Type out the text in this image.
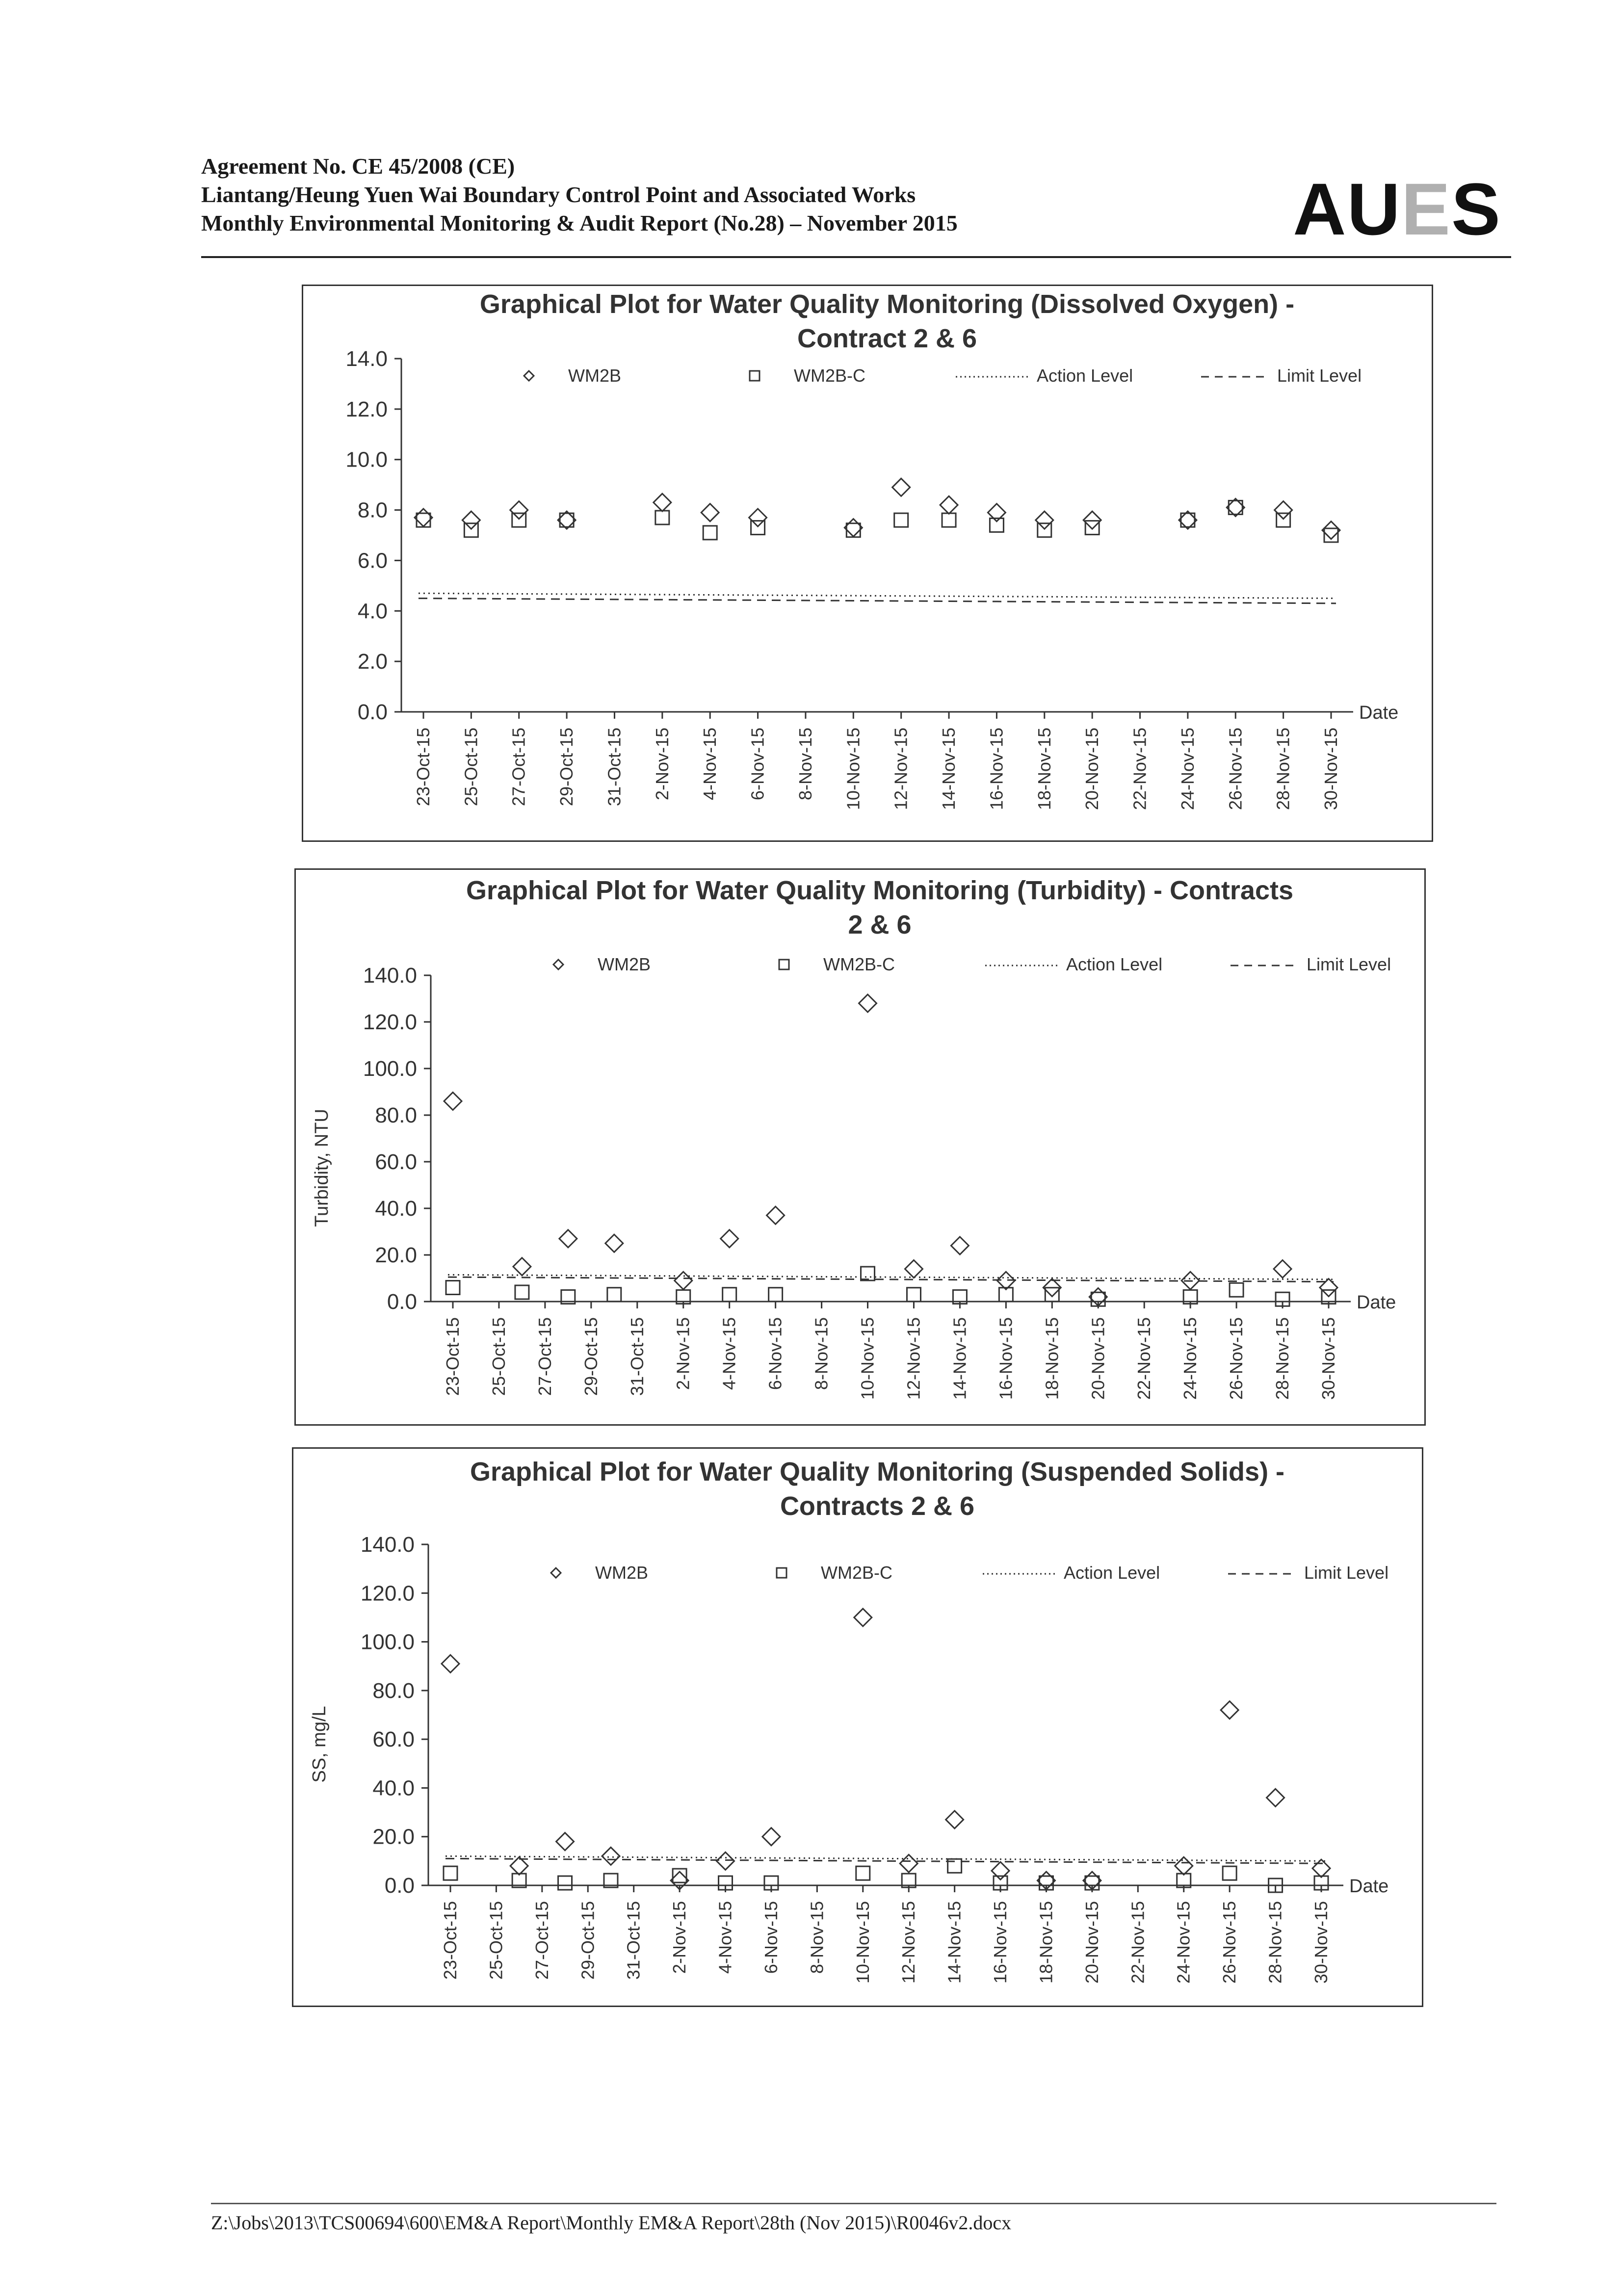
Agreement No. CE 45/2008 (CE)
Liantang/Heung Yuen Wai Boundary Control Point and Associated Works
Monthly Environmental Monitoring & Audit Report (No.28) – November 2015	AUES
Graphical Plot for Water Quality Monitoring (Dissolved Oxygen) -
Contract 2 & 6
0.0
2.0
4.0
6.0
8.0
10.0
12.0
14.0
23-Oct-15 25-Oct-15 27-Oct-15 29-Oct-15 31-Oct-15 2-Nov-15 4-Nov-15 6-Nov-15 8-Nov-15 10-Nov-15 12-Nov-15 14-Nov-15 16-Nov-15 18-Nov-15 20-Nov-15 22-Nov-15 24-Nov-15 26-Nov-15 28-Nov-15 30-Nov-15
Date
WM2B	WM2B-C	Action Level	Limit Level
Graphical Plot for Water Quality Monitoring (Turbidity) - Contracts
2 & 6
0.0
20.0
40.0
60.0
80.0
100.0
120.0
140.0
23-Oct-15 25-Oct-15 27-Oct-15 29-Oct-15 31-Oct-15 2-Nov-15 4-Nov-15 6-Nov-15 8-Nov-15 10-Nov-15 12-Nov-15 14-Nov-15 16-Nov-15 18-Nov-15 20-Nov-15 22-Nov-15 24-Nov-15 26-Nov-15 28-Nov-15 30-Nov-15
Date
Turbidity, NTU
WM2B	WM2B-C	Action Level	Limit Level
Graphical Plot for Water Quality Monitoring (Suspended Solids) -
Contracts 2 & 6
0.0
20.0
40.0
60.0
80.0
100.0
120.0
140.0
23-Oct-15 25-Oct-15 27-Oct-15 29-Oct-15 31-Oct-15 2-Nov-15 4-Nov-15 6-Nov-15 8-Nov-15 10-Nov-15 12-Nov-15 14-Nov-15 16-Nov-15 18-Nov-15 20-Nov-15 22-Nov-15 24-Nov-15 26-Nov-15 28-Nov-15 30-Nov-15
Date
SS, mg/L
WM2B	WM2B-C	Action Level	Limit Level
Z:\Jobs\2013\TCS00694\600\EM&A Report\Monthly EM&A Report\28th (Nov 2015)\R0046v2.docx
